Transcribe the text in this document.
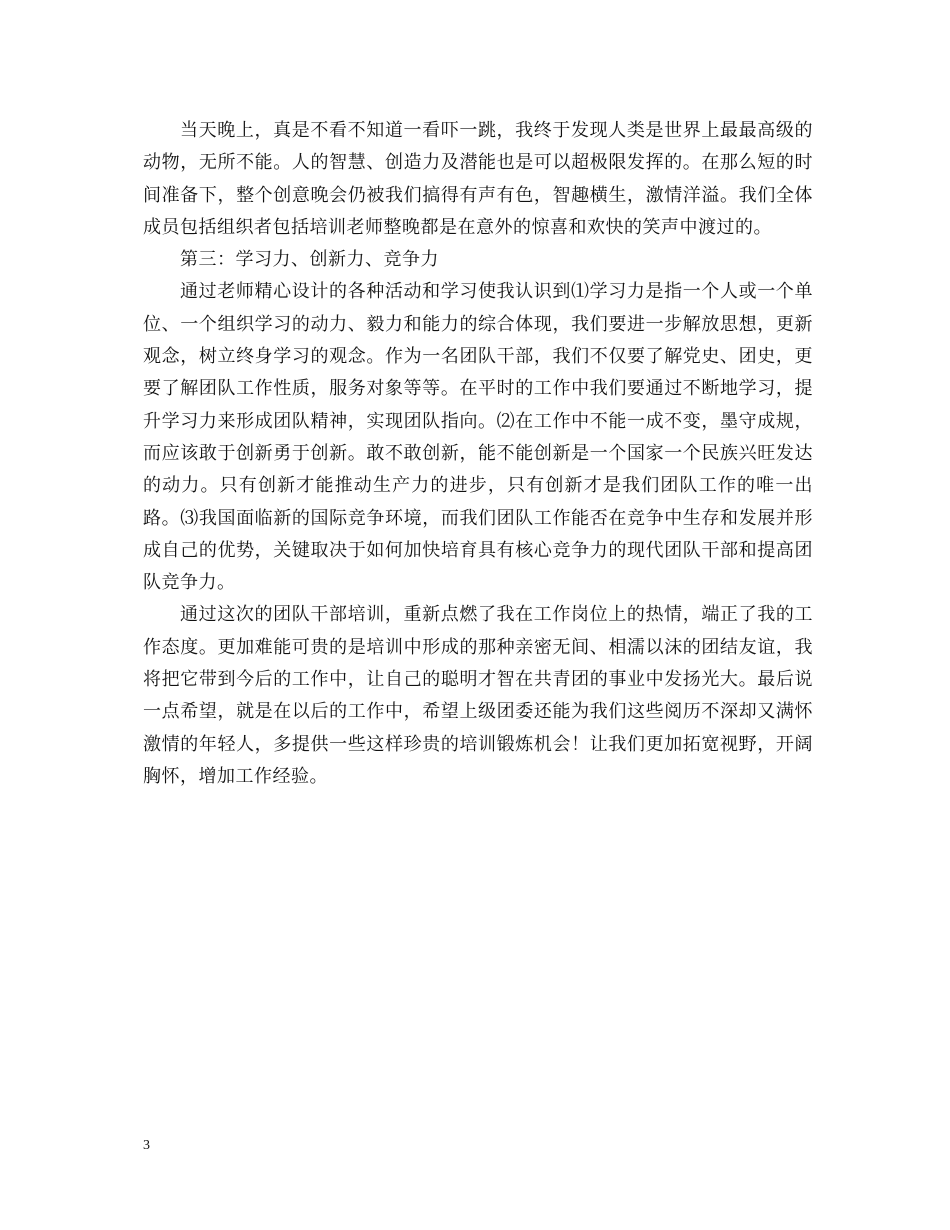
当天晚上，真是不看不知道一看吓一跳，我终于发现人类是世界上最最高级的动物，无所不能。人的智慧、创造力及潜能也是可以超极限发挥的。在那么短的时间准备下，整个创意晚会仍被我们搞得有声有色，智趣横生，激情洋溢。我们全体成员包括组织者包括培训老师整晚都是在意外的惊喜和欢快的笑声中渡过的。

第三：学习力、创新力、竞争力

通过老师精心设计的各种活动和学习使我认识到⑴学习力是指一个人或一个单位、一个组织学习的动力、毅力和能力的综合体现，我们要进一步解放思想，更新观念，树立终身学习的观念。作为一名团队干部，我们不仅要了解党史、团史，更要了解团队工作性质，服务对象等等。在平时的工作中我们要通过不断地学习，提升学习力来形成团队精神，实现团队指向。⑵在工作中不能一成不变，墨守成规，而应该敢于创新勇于创新。敢不敢创新，能不能创新是一个国家一个民族兴旺发达的动力。只有创新才能推动生产力的进步，只有创新才是我们团队工作的唯一出路。⑶我国面临新的国际竞争环境，而我们团队工作能否在竞争中生存和发展并形成自己的优势，关键取决于如何加快培育具有核心竞争力的现代团队干部和提高团队竞争力。

通过这次的团队干部培训，重新点燃了我在工作岗位上的热情，端正了我的工作态度。更加难能可贵的是培训中形成的那种亲密无间、相濡以沫的团结友谊，我将把它带到今后的工作中，让自己的聪明才智在共青团的事业中发扬光大。最后说一点希望，就是在以后的工作中，希望上级团委还能为我们这些阅历不深却又满怀激情的年轻人，多提供一些这样珍贵的培训锻炼机会！让我们更加拓宽视野，开阔胸怀，增加工作经验。

3
